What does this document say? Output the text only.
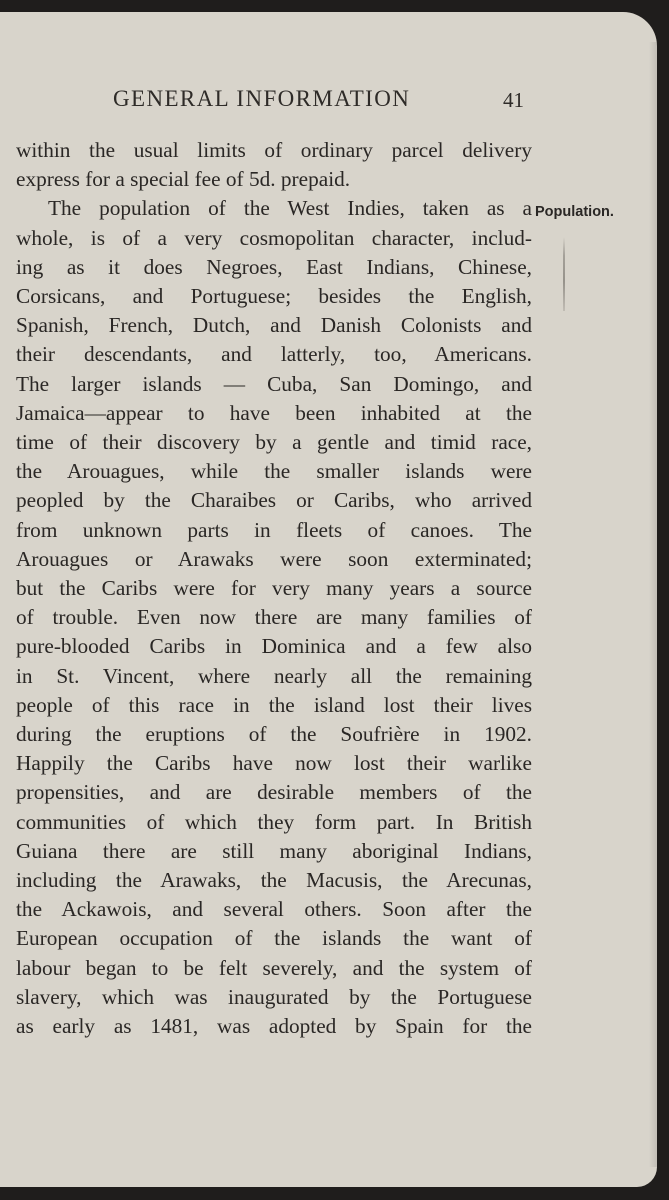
GENERAL INFORMATION	41
Population.
within the usual limits of ordinary parcel delivery
express for a special fee of 5d. prepaid.
The population of the West Indies, taken as a
whole, is of a very cosmopolitan character, includ-
ing as it does Negroes, East Indians, Chinese,
Corsicans, and Portuguese; besides the English,
Spanish, French, Dutch, and Danish Colonists and
their descendants, and latterly, too, Americans.
The larger islands — Cuba, San Domingo, and
Jamaica—appear to have been inhabited at the
time of their discovery by a gentle and timid race,
the Arouagues, while the smaller islands were
peopled by the Charaibes or Caribs, who arrived
from unknown parts in fleets of canoes. The
Arouagues or Arawaks were soon exterminated;
but the Caribs were for very many years a source
of trouble. Even now there are many families of
pure-blooded Caribs in Dominica and a few also
in St. Vincent, where nearly all the remaining
people of this race in the island lost their lives
during the eruptions of the Soufrière in 1902.
Happily the Caribs have now lost their warlike
propensities, and are desirable members of the
communities of which they form part. In British
Guiana there are still many aboriginal Indians,
including the Arawaks, the Macusis, the Arecunas,
the Ackawois, and several others. Soon after the
European occupation of the islands the want of
labour began to be felt severely, and the system of
slavery, which was inaugurated by the Portuguese
as early as 1481, was adopted by Spain for the
